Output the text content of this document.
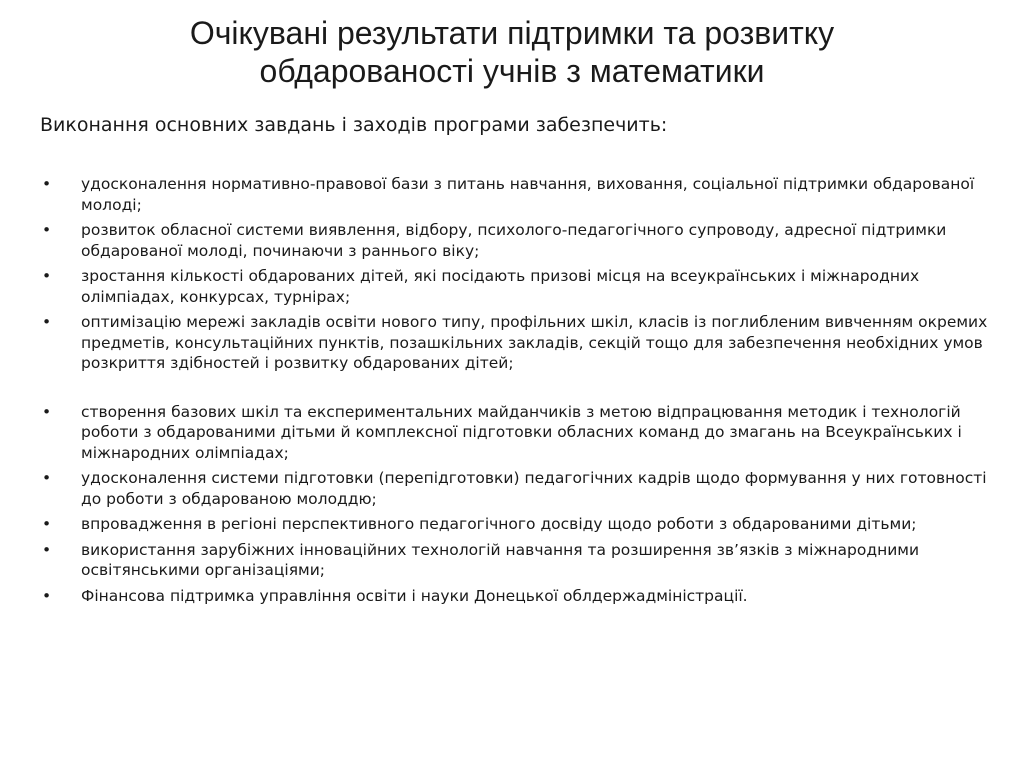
Очікувані результати підтримки та розвитку
обдарованості учнів з математики

Виконання основних завдань і заходів програми забезпечить:

• удосконалення нормативно-правової бази з питань навчання, виховання, соціальної підтримки обдарованої молоді;
• розвиток обласної системи виявлення, відбору, психолого-педагогічного супроводу, адресної підтримки обдарованої молоді, починаючи з раннього віку;
• зростання кількості обдарованих дітей, які посідають призові місця на всеукраїнських і міжнародних олімпіадах, конкурсах, турнірах;
• оптимізацію мережі закладів освіти нового типу, профільних шкіл, класів із поглибленим вивченням окремих предметів, консультаційних пунктів, позашкільних закладів, секцій тощо для забезпечення необхідних умов розкриття здібностей і розвитку обдарованих дітей;
• створення базових шкіл та експериментальних майданчиків з метою відпрацювання методик і технологій роботи з обдарованими дітьми й комплексної підготовки обласних команд до змагань на Всеукраїнських і міжнародних олімпіадах;
• удосконалення системи підготовки (перепідготовки) педагогічних кадрів щодо формування у них готовності до роботи з обдарованою молоддю;
• впровадження в регіоні перспективного педагогічного досвіду щодо роботи з обдарованими дітьми;
• використання зарубіжних інноваційних технологій навчання та розширення зв’язків з міжнародними освітянськими організаціями;
• Фінансова підтримка управління освіти і науки Донецької облдержадміністрації.
